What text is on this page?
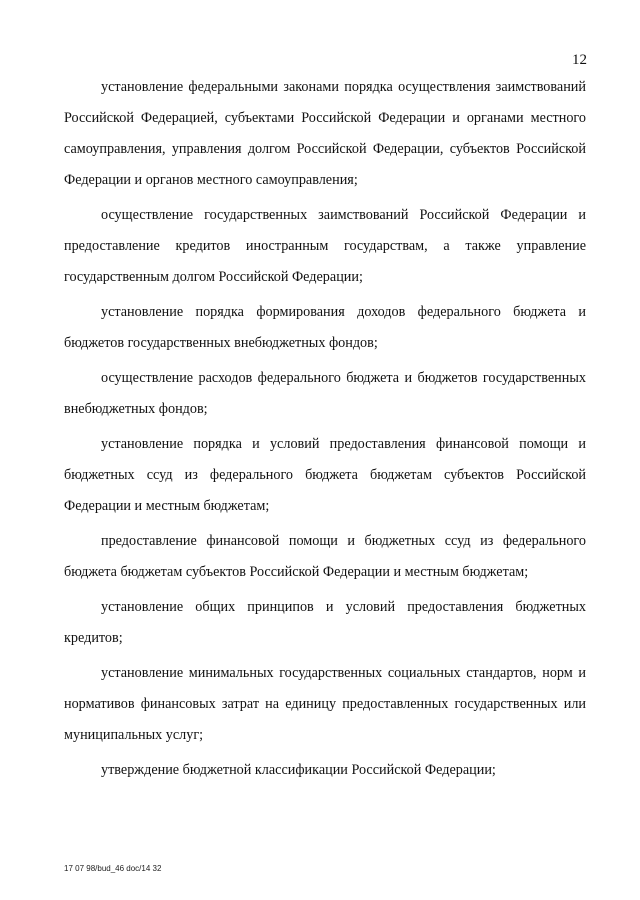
12

установление федеральными законами порядка осуществления заимствований Российской Федерацией, субъектами Российской Федерации и органами местного самоуправления, управления долгом Российской Федерации, субъектов Российской Федерации и органов местного самоуправления;

осуществление государственных заимствований Российской Федерации и предоставление кредитов иностранным государствам, а также управление государственным долгом Российской Федерации;

установление порядка формирования доходов федерального бюджета и бюджетов государственных внебюджетных фондов;

осуществление расходов федерального бюджета и бюджетов государственных внебюджетных фондов;

установление порядка и условий предоставления финансовой помощи и бюджетных ссуд из федерального бюджета бюджетам субъектов Российской Федерации и местным бюджетам;

предоставление финансовой помощи и бюджетных ссуд из федерального бюджета бюджетам субъектов Российской Федерации и местным бюджетам;

установление общих принципов и условий предоставления бюджетных кредитов;

установление минимальных государственных социальных стандартов, норм и нормативов финансовых затрат на единицу предоставленных государственных или муниципальных услуг;

утверждение бюджетной классификации Российской Федерации;

17 07 98/bud_46 doc/14 32
